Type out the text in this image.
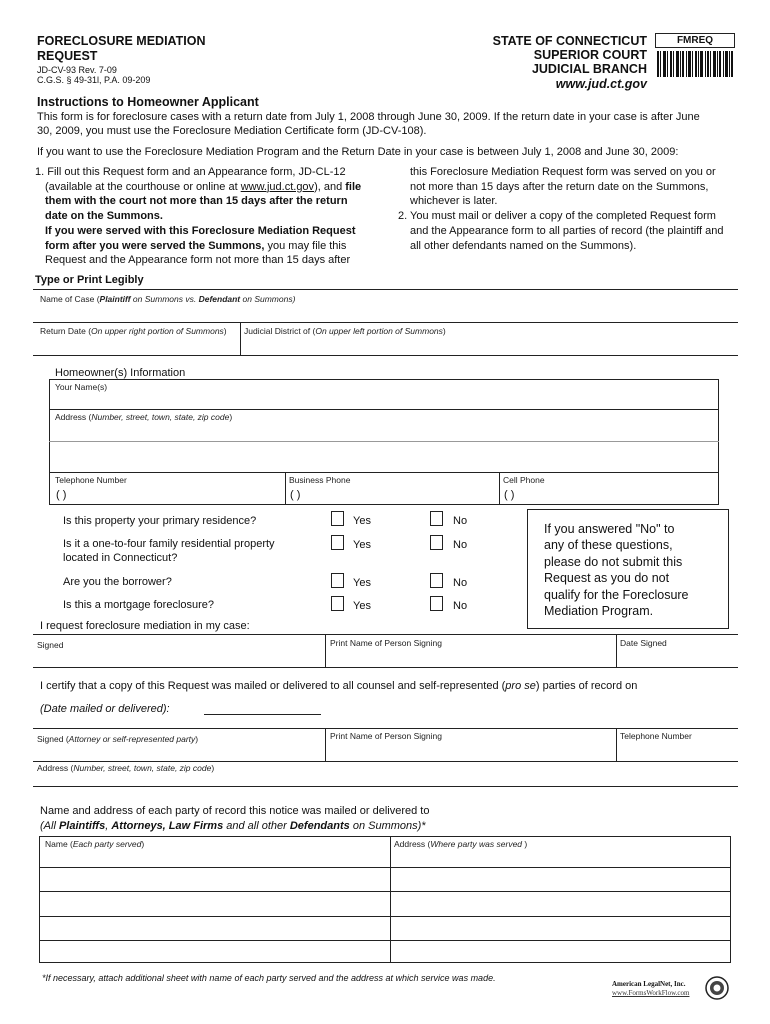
FORECLOSURE MEDIATION
REQUEST
JD-CV-93 Rev. 7-09
C.G.S. § 49-31l, P.A. 09-209
STATE OF CONNECTICUT
SUPERIOR COURT
JUDICIAL BRANCH
www.jud.ct.gov
FMREQ
Instructions to Homeowner Applicant
This form is for foreclosure cases with a return date from July 1, 2008 through June 30, 2009. If the return date in your case is after June
30, 2009, you must use the Foreclosure Mediation Certificate form (JD-CV-108).
If you want to use the Foreclosure Mediation Program and the Return Date in your case is between July 1, 2008 and June 30, 2009:
1. Fill out this Request form and an Appearance form, JD-CL-12
(available at the courthouse or online at www.jud.ct.gov), and file
them with the court not more than 15 days after the return
date on the Summons.
If you were served with this Foreclosure Mediation Request
form after you were served the Summons, you may file this
Request and the Appearance form not more than 15 days after
this Foreclosure Mediation Request form was served on you or
not more than 15 days after the return date on the Summons,
whichever is later.
2. You must mail or deliver a copy of the completed Request form
and the Appearance form to all parties of record (the plaintiff and
all other defendants named on the Summons).
Type or Print Legibly
Name of Case (Plaintiff on Summons vs. Defendant on Summons)
Return Date (On upper right portion of Summons) Judicial District of (On upper left portion of Summons)
Homeowner(s) Information
Your Name(s)
Address (Number, street, town, state, zip code)
Telephone Number
( )
Business Phone
( )
Cell Phone
( )
Is this property your primary residence?	Yes	No
Is it a one-to-four family residential property
located in Connecticut?
Yes	No
Are you the borrower?	Yes	No
Is this a mortgage foreclosure?	Yes	No
If you answered "No" to
any of these questions,
please do not submit this
Request as you do not
qualify for the Foreclosure
Mediation Program.
I request foreclosure mediation in my case:
Signed	Print Name of Person Signing	Date Signed
I certify that a copy of this Request was mailed or delivered to all counsel and self-represented (pro se) parties of record on
(Date mailed or delivered):
Signed (Attorney or self-represented party)	Print Name of Person Signing	Telephone Number
Address (Number, street, town, state, zip code)
Name and address of each party of record this notice was mailed or delivered to
(All Plaintiffs, Attorneys, Law Firms and all other Defendants on Summons)*
Name (Each party served)	Address (Where party was served )
*If necessary, attach additional sheet with name of each party served and the address at which service was made.
American LegalNet, Inc.
www.FormsWorkFlow.com
